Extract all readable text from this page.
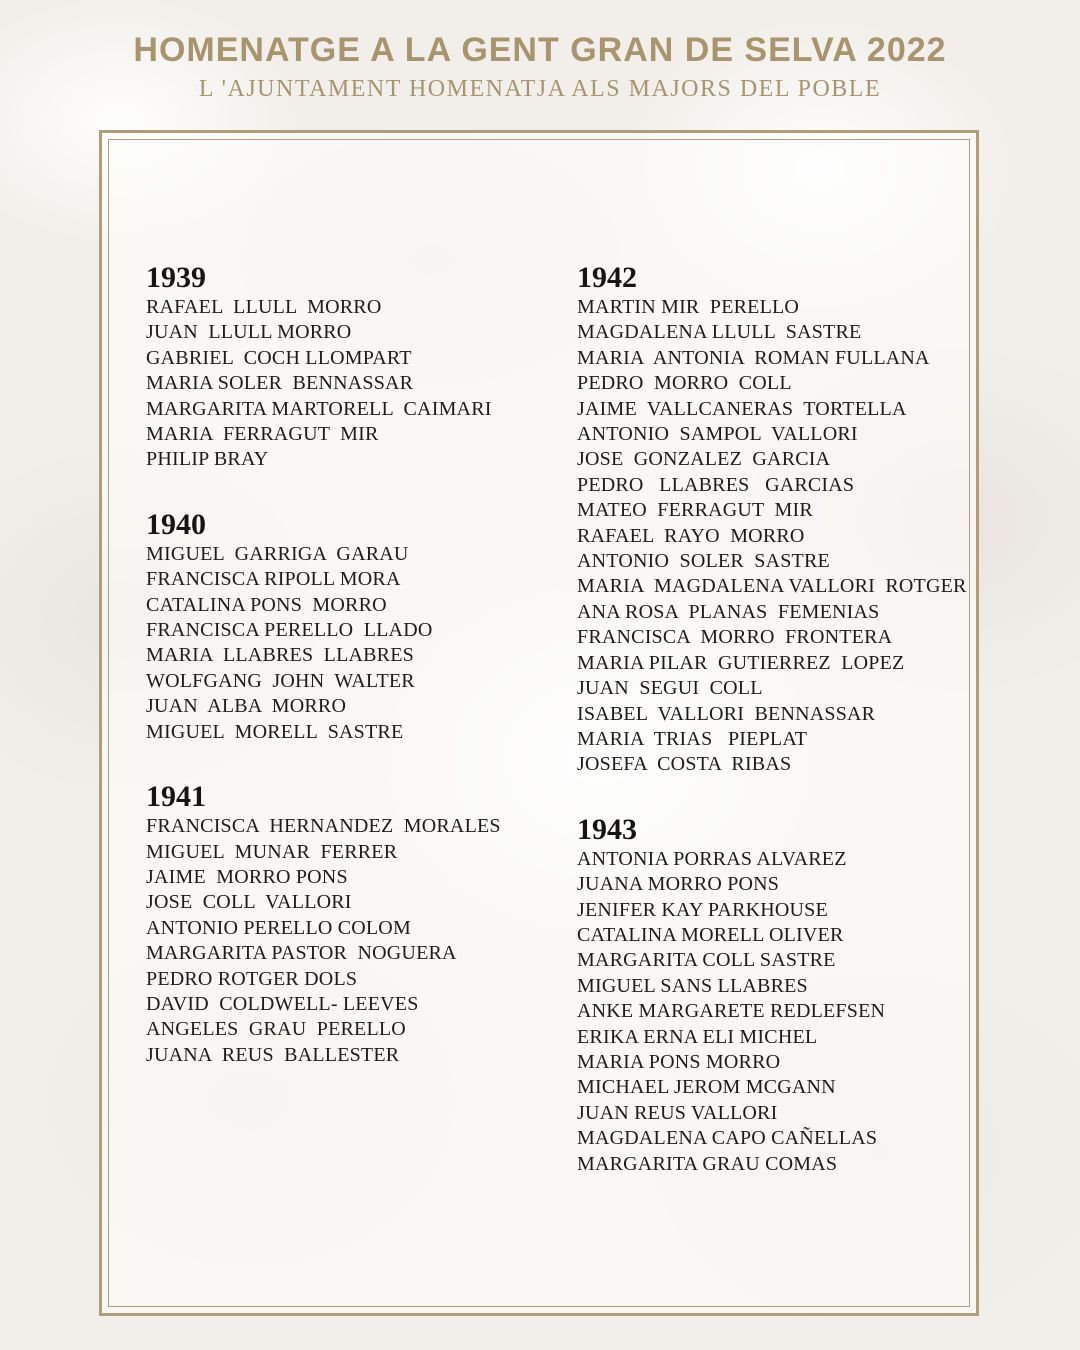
HOMENATGE A LA GENT GRAN DE SELVA 2022
L 'AJUNTAMENT HOMENATJA ALS MAJORS DEL POBLE
1939
RAFAEL  LLULL  MORRO
JUAN  LLULL MORRO
GABRIEL  COCH LLOMPART
MARIA SOLER  BENNASSAR
MARGARITA MARTORELL  CAIMARI
MARIA  FERRAGUT  MIR
PHILIP BRAY
1940
MIGUEL  GARRIGA  GARAU
FRANCISCA RIPOLL MORA
CATALINA PONS  MORRO
FRANCISCA PERELLO  LLADO
MARIA  LLABRES  LLABRES
WOLFGANG  JOHN  WALTER
JUAN  ALBA  MORRO
MIGUEL  MORELL  SASTRE
1941
FRANCISCA  HERNANDEZ  MORALES
MIGUEL  MUNAR  FERRER
JAIME  MORRO PONS
JOSE  COLL  VALLORI
ANTONIO PERELLO COLOM
MARGARITA PASTOR  NOGUERA
PEDRO ROTGER DOLS
DAVID  COLDWELL- LEEVES
ANGELES  GRAU  PERELLO
JUANA  REUS  BALLESTER
1942
MARTIN MIR  PERELLO
MAGDALENA LLULL  SASTRE
MARIA  ANTONIA  ROMAN FULLANA
PEDRO  MORRO  COLL
JAIME  VALLCANERAS  TORTELLA
ANTONIO  SAMPOL  VALLORI
JOSE  GONZALEZ  GARCIA
PEDRO   LLABRES   GARCIAS
MATEO  FERRAGUT  MIR
RAFAEL  RAYO  MORRO
ANTONIO  SOLER  SASTRE
MARIA  MAGDALENA VALLORI  ROTGER
ANA ROSA  PLANAS  FEMENIAS
FRANCISCA  MORRO  FRONTERA
MARIA PILAR  GUTIERREZ  LOPEZ
JUAN  SEGUI  COLL
ISABEL  VALLORI  BENNASSAR
MARIA  TRIAS   PIEPLAT
JOSEFA  COSTA  RIBAS
1943
ANTONIA PORRAS ALVAREZ
JUANA MORRO PONS
JENIFER KAY PARKHOUSE
CATALINA MORELL OLIVER
MARGARITA COLL SASTRE
MIGUEL SANS LLABRES
ANKE MARGARETE REDLEFSEN
ERIKA ERNA ELI MICHEL
MARIA PONS MORRO
MICHAEL JEROM MCGANN
JUAN REUS VALLORI
MAGDALENA CAPO CAÑELLAS
MARGARITA GRAU COMAS
